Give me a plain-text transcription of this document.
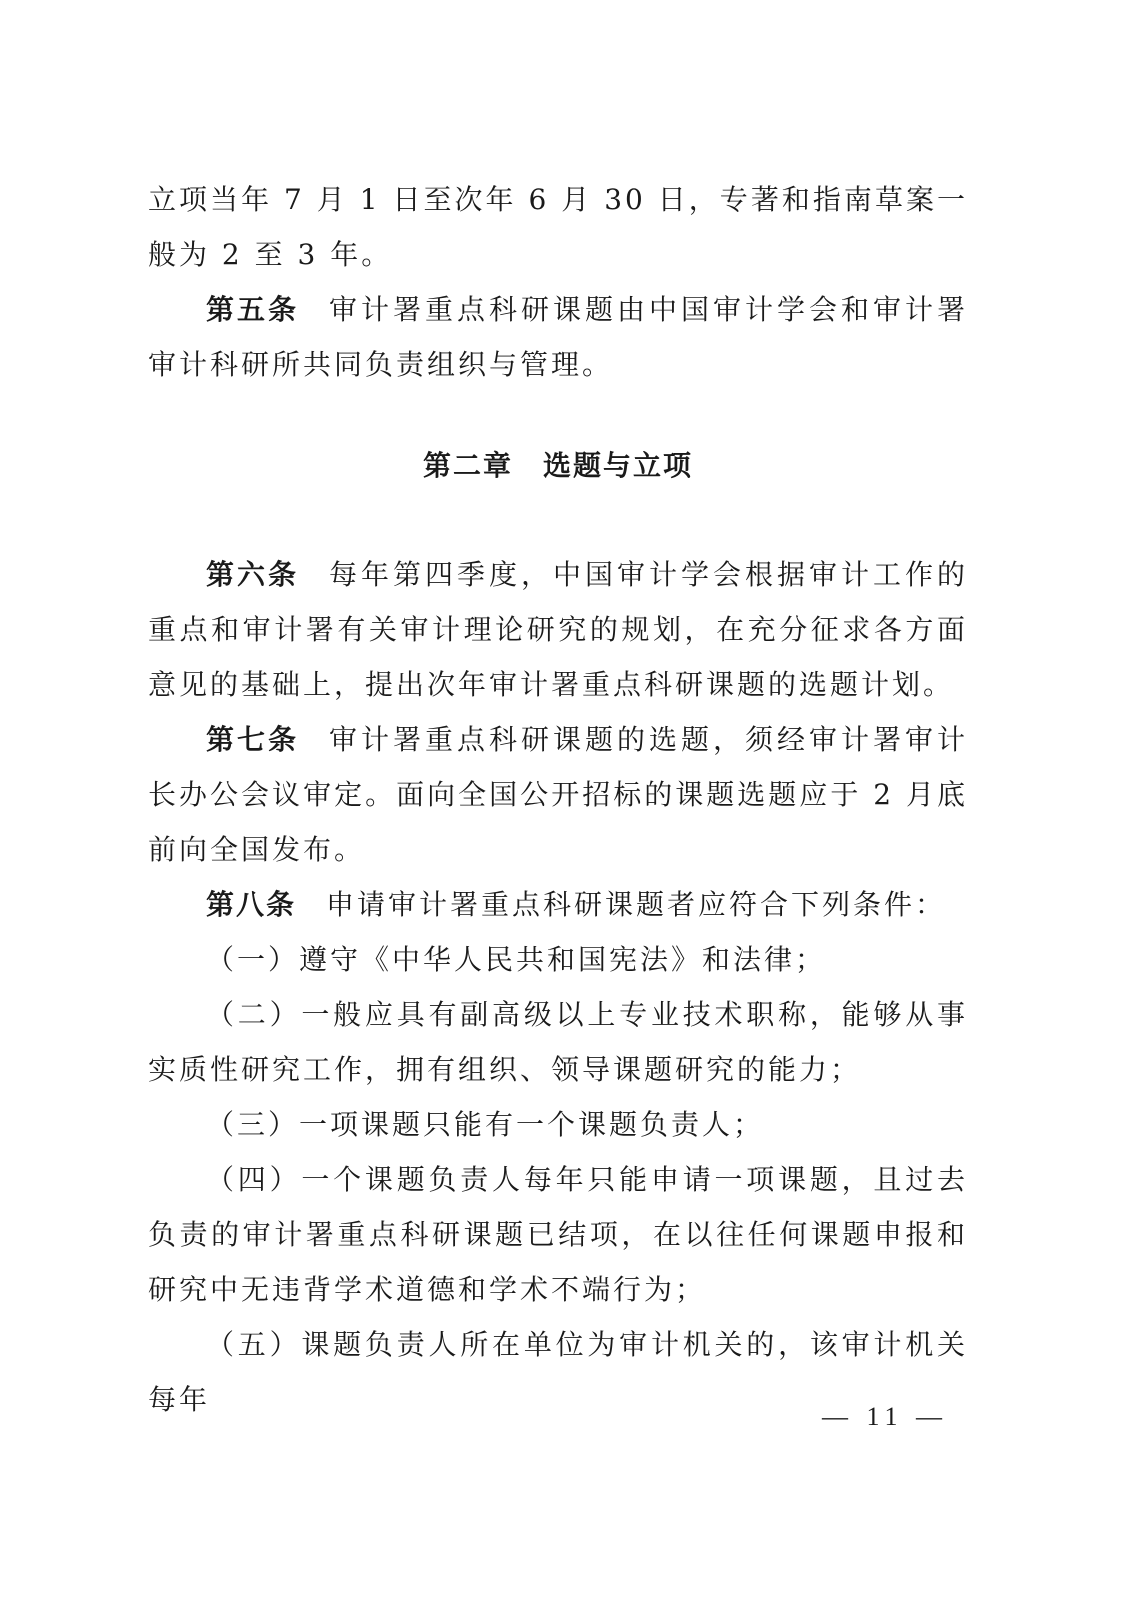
立项当年 7 月 1 日至次年 6 月 30 日，专著和指南草案一般为 2 至 3 年。

第五条 审计署重点科研课题由中国审计学会和审计署审计科研所共同负责组织与管理。

第二章 选题与立项

第六条 每年第四季度，中国审计学会根据审计工作的重点和审计署有关审计理论研究的规划，在充分征求各方面意见的基础上，提出次年审计署重点科研课题的选题计划。

第七条 审计署重点科研课题的选题，须经审计署审计长办公会议审定。面向全国公开招标的课题选题应于 2 月底前向全国发布。

第八条 申请审计署重点科研课题者应符合下列条件：

（一）遵守《中华人民共和国宪法》和法律；

（二）一般应具有副高级以上专业技术职称，能够从事实质性研究工作，拥有组织、领导课题研究的能力；

（三）一项课题只能有一个课题负责人；

（四）一个课题负责人每年只能申请一项课题，且过去负责的审计署重点科研课题已结项，在以往任何课题申报和研究中无违背学术道德和学术不端行为；

（五）课题负责人所在单位为审计机关的，该审计机关每年

— 11 —
